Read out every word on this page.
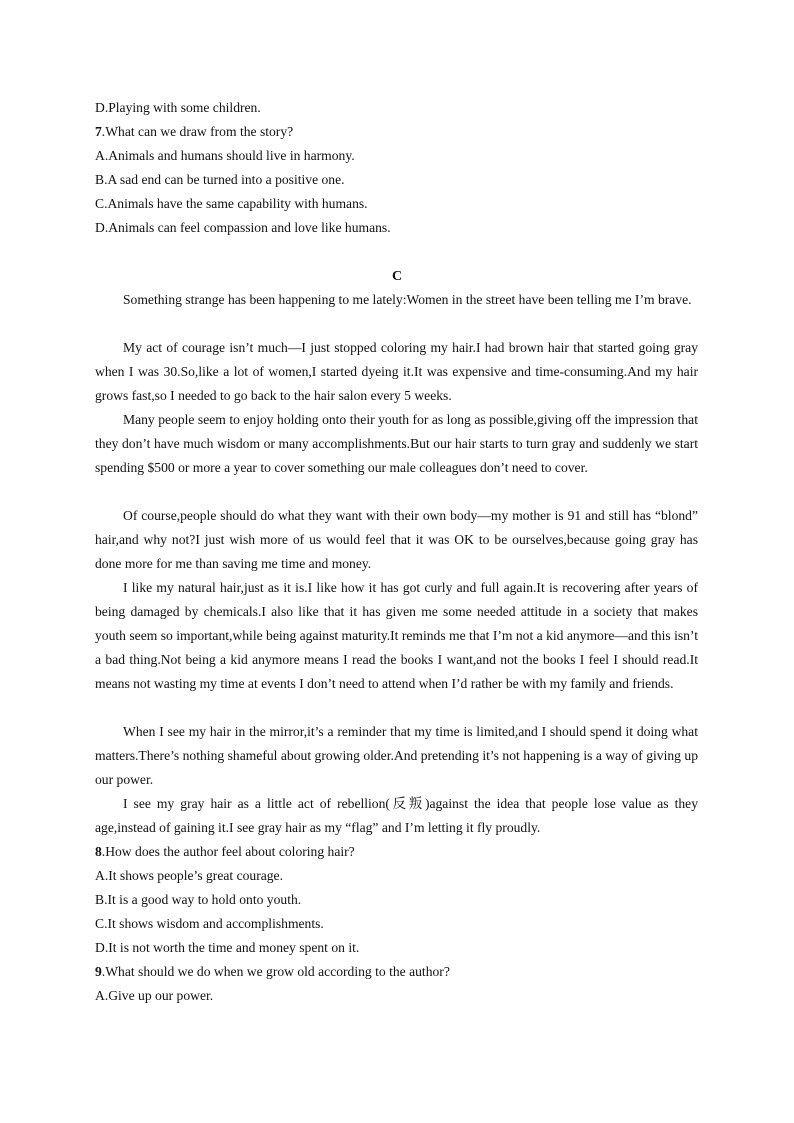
D.Playing with some children.

7.What can we draw from the story?

A.Animals and humans should live in harmony.

B.A sad end can be turned into a positive one.

C.Animals have the same capability with humans.

D.Animals can feel compassion and love like humans.

C

Something strange has been happening to me lately:Women in the street have been telling me I’m brave.

My act of courage isn’t much—I just stopped coloring my hair.I had brown hair that started going gray when I was 30.So,like a lot of women,I started dyeing it.It was expensive and time-consuming.And my hair grows fast,so I needed to go back to the hair salon every 5 weeks.

Many people seem to enjoy holding onto their youth for as long as possible,giving off the impression that they don’t have much wisdom or many accomplishments.But our hair starts to turn gray and suddenly we start spending $500 or more a year to cover something our male colleagues don’t need to cover.

Of course,people should do what they want with their own body—my mother is 91 and still has “blond” hair,and why not?I just wish more of us would feel that it was OK to be ourselves,because going gray has done more for me than saving me time and money.

I like my natural hair,just as it is.I like how it has got curly and full again.It is recovering after years of being damaged by chemicals.I also like that it has given me some needed attitude in a society that makes youth seem so important,while being against maturity.It reminds me that I’m not a kid anymore—and this isn’t a bad thing.Not being a kid anymore means I read the books I want,and not the books I feel I should read.It means not wasting my time at events I don’t need to attend when I’d rather be with my family and friends.

When I see my hair in the mirror,it’s a reminder that my time is limited,and I should spend it doing what matters.There’s nothing shameful about growing older.And pretending it’s not happening is a way of giving up our power.

I see my gray hair as a little act of rebellion(反叛)against the idea that people lose value as they age,instead of gaining it.I see gray hair as my “flag” and I’m letting it fly proudly.

8.How does the author feel about coloring hair?

A.It shows people’s great courage.

B.It is a good way to hold onto youth.

C.It shows wisdom and accomplishments.

D.It is not worth the time and money spent on it.

9.What should we do when we grow old according to the author?

A.Give up our power.
